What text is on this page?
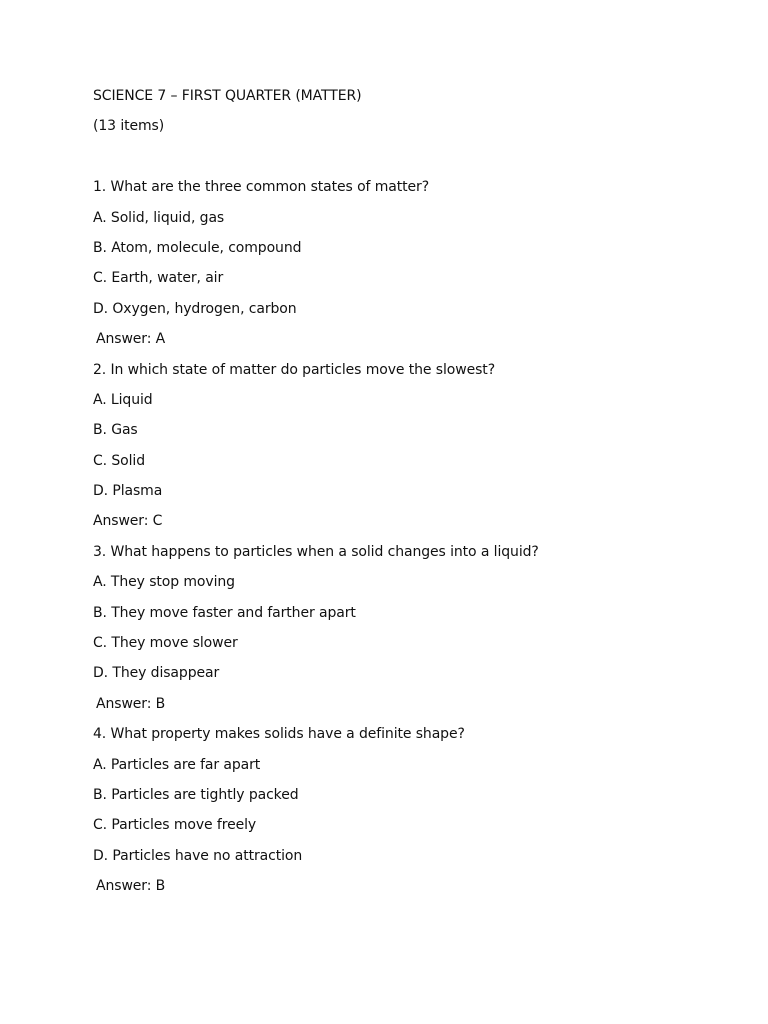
SCIENCE 7 – FIRST QUARTER (MATTER)
(13 items)
1. What are the three common states of matter?
A. Solid, liquid, gas
B. Atom, molecule, compound
C. Earth, water, air
D. Oxygen, hydrogen, carbon
Answer: A
2. In which state of matter do particles move the slowest?
A. Liquid
B. Gas
C. Solid
D. Plasma
Answer: C
3. What happens to particles when a solid changes into a liquid?
A. They stop moving
B. They move faster and farther apart
C. They move slower
D. They disappear
Answer: B
4. What property makes solids have a definite shape?
A. Particles are far apart
B. Particles are tightly packed
C. Particles move freely
D. Particles have no attraction
Answer: B
